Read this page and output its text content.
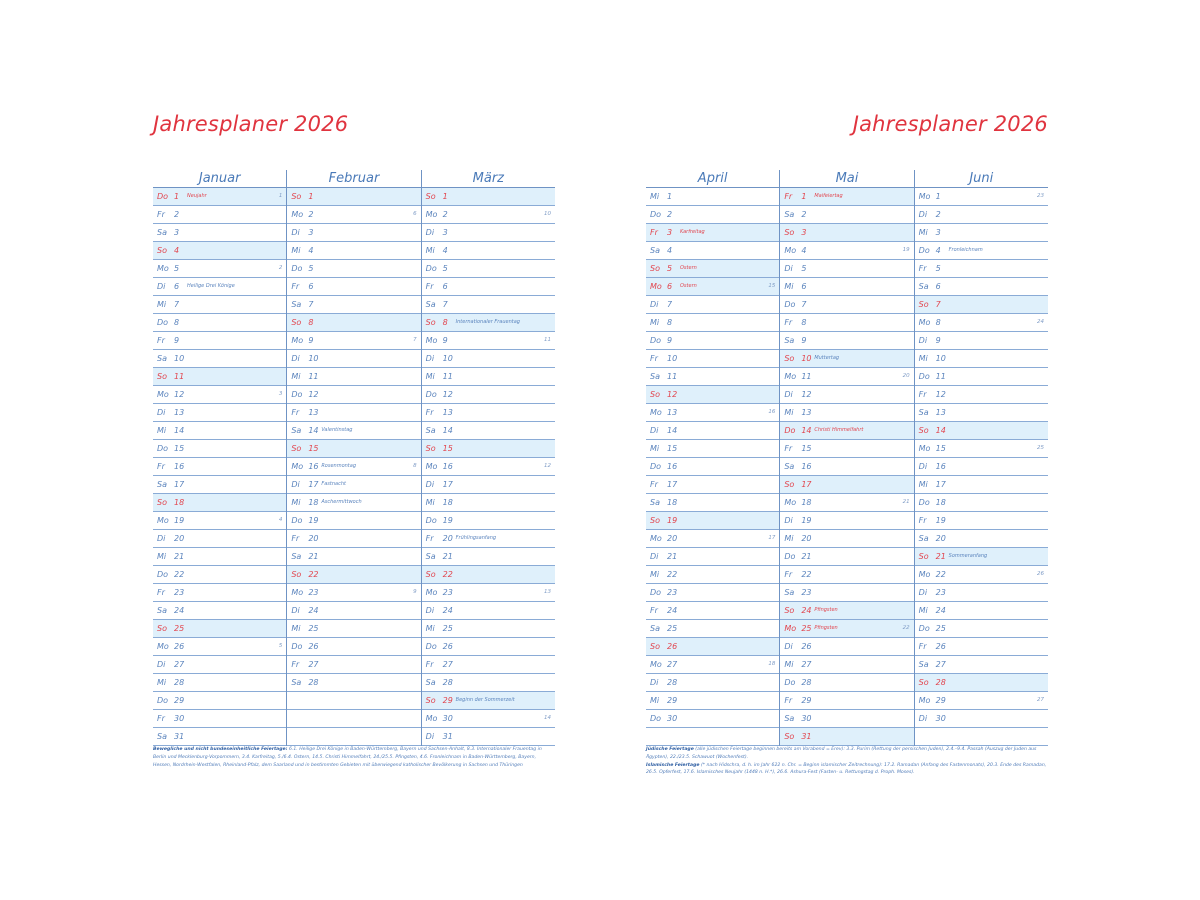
Jahresplaner 2026
Januar
Do 1	Neujahr	1
Fr	2
Sa 3
So 4
Mo 5	2
Di	6	Heilige Drei Könige
Mi 7
Do 8
Fr	9
Sa 10
So 11
Mo 12	3
Di	13
Mi 14
Do 15
Fr	16
Sa 17
So 18
Mo 19	4
Di	20
Mi 21
Do 22
Fr	23
Sa 24
So 25
Mo 26	5
Di	27
Mi 28
Do 29
Fr	30
Sa 31
Februar
So 1
Mo 2	6
Di	3
Mi 4
Do 5
Fr	6
Sa 7
So 8
Mo 9	7
Di	10
Mi 11
Do 12
Fr	13
Sa 14 Valentinstag
So 15
Mo 16 Rosenmontag	8
Di	17 Fastnacht
Mi 18 Aschermittwoch
Do 19
Fr	20
Sa 21
So 22
Mo 23	9
Di	24
Mi 25
Do 26
Fr	27
Sa 28
März
So 1
Mo 2	10
Di	3
Mi 4
Do 5
Fr	6
Sa 7
So 8	Internationaler Frauentag
Mo 9	11
Di	10
Mi 11
Do 12
Fr	13
Sa 14
So 15
Mo 16	12
Di	17
Mi 18
Do 19
Fr	20 Frühlingsanfang
Sa 21
So 22
Mo 23	13
Di	24
Mi 25
Do 26
Fr	27
Sa 28
So 29 Beginn der Sommerzeit
Mo 30	14
Di	31
Bewegliche und nicht bundeseinheitliche Feiertage: 6.1. Heilige Drei Könige in Baden-Württemberg, Bayern und Sachsen-Anhalt, 8.3. Internationaler Frauentag in Berlin und Mecklenburg-Vorpommern, 3.4. Karfreitag, 5./6.4. Ostern, 14.5. Christi Himmelfahrt, 24./25.5. Pfingsten, 4.6. Fronleichnam in Baden-Württemberg, Bayern, Hessen, Nordrhein-Westfalen, Rheinland-Pfalz, dem Saarland und in bestimmten Gebieten mit überwiegend katholischer Bevölkerung in Sachsen und Thüringen
Jahresplaner 2026
April
Mi 1
Do 2
Fr	3	Karfreitag
Sa 4
So 5	Ostern
Mo 6	Ostern	15
Di	7
Mi 8
Do 9
Fr	10
Sa 11
So 12
Mo 13	16
Di	14
Mi 15
Do 16
Fr	17
Sa 18
So 19
Mo 20	17
Di	21
Mi 22
Do 23
Fr	24
Sa 25
So 26
Mo 27	18
Di	28
Mi 29
Do 30
Mai
Fr	1	Maifeiertag
Sa 2
So 3
Mo 4	19
Di	5
Mi 6
Do 7
Fr	8
Sa 9
So 10 Muttertag
Mo 11	20
Di	12
Mi 13
Do 14 Christi Himmelfahrt
Fr	15
Sa 16
So 17
Mo 18	21
Di	19
Mi 20
Do 21
Fr	22
Sa 23
So 24 Pfingsten
Mo 25 Pfingsten	22
Di	26
Mi 27
Do 28
Fr	29
Sa 30
So 31
Juni
Mo 1	23
Di	2
Mi 3
Do 4	Fronleichnam
Fr	5
Sa 6
So 7
Mo 8	24
Di	9
Mi 10
Do 11
Fr	12
Sa 13
So 14
Mo 15	25
Di	16
Mi 17
Do 18
Fr	19
Sa 20
So 21 Sommeranfang
Mo 22	26
Di	23
Mi 24
Do 25
Fr	26
Sa 27
So 28
Mo 29	27
Di	30
Jüdische Feiertage (alle jüdischen Feiertage beginnen bereits am Vorabend = Erev): 3.3. Purim (Rettung der persischen Juden), 2.4.–9.4. Passah (Auszug der Juden aus Ägypten), 22./23.5. Schawuot (Wochenfest).
Islamische Feiertage (* nach Hidschra, d. h. im Jahr 622 n. Chr. = Beginn islamischer Zeitrechnung): 17.2. Ramadan (Anfang des Fastenmonats), 20.3. Ende des Ramadan, 26.5. Opferfest, 17.6. Islamisches Neujahr (1448 n. H.*), 26.6. Ashura-Fest (Fasten- u. Rettungstag d. Proph. Moses).
